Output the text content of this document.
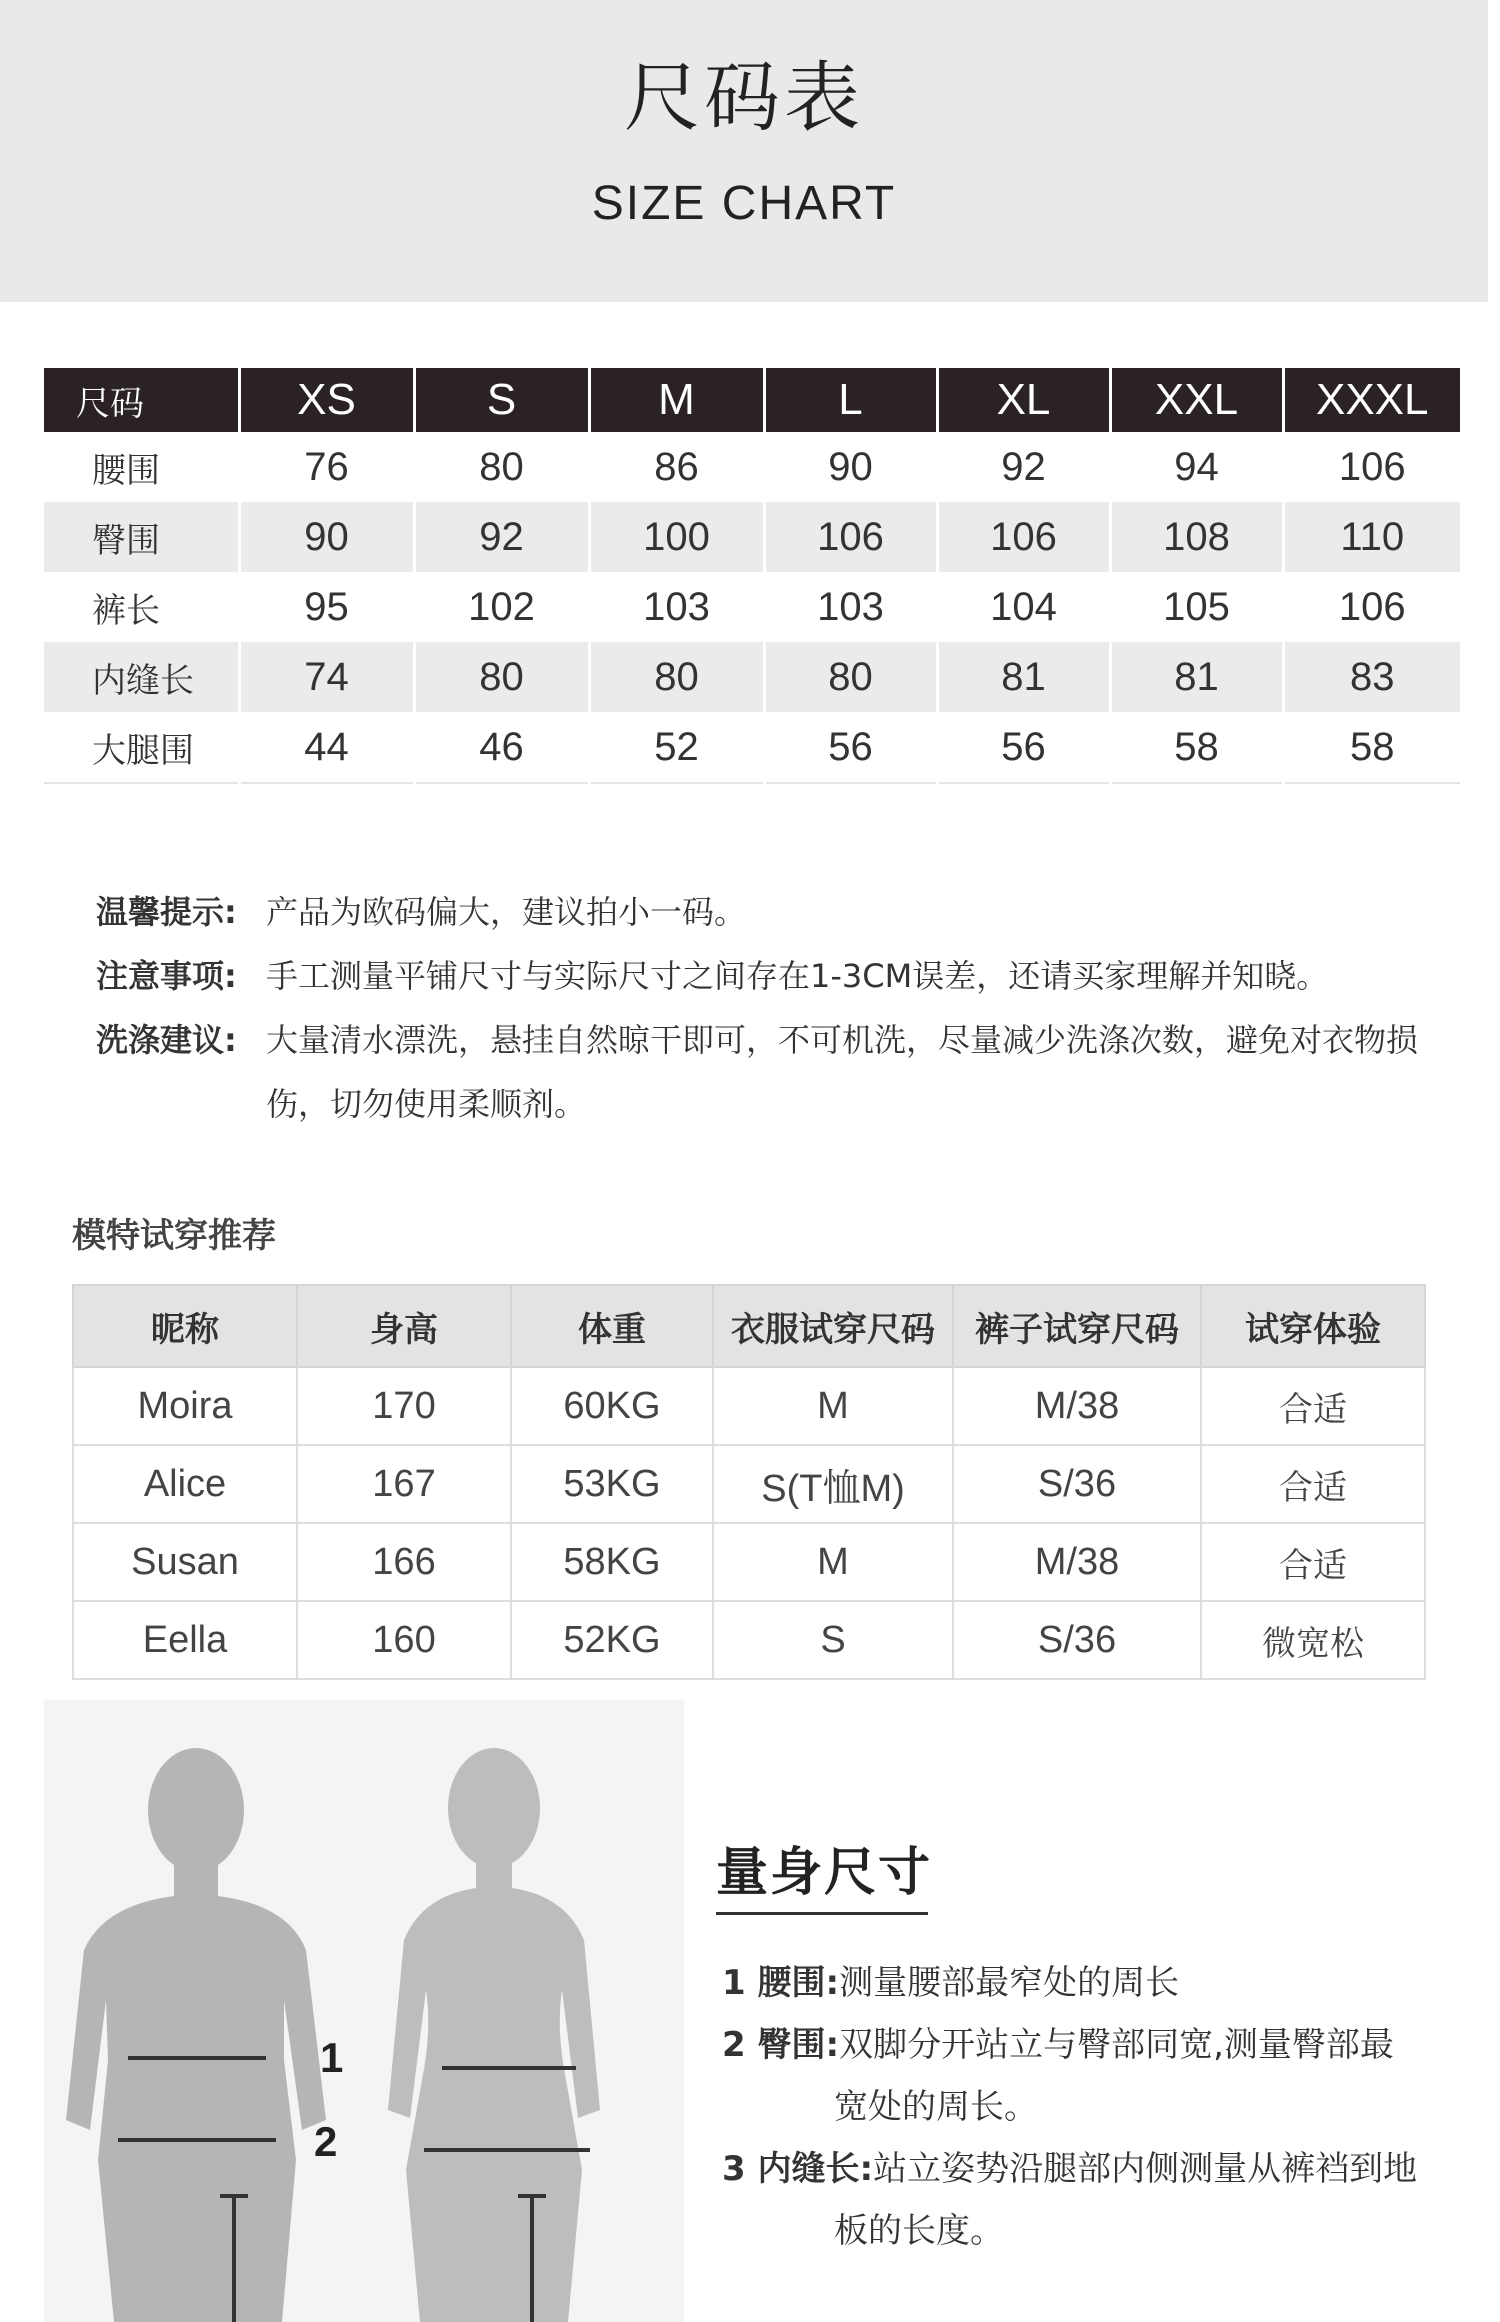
尺码表
SIZE CHART
尺码	XS	S	M	L	XL	XXL	XXXL
腰围	76	80	86	90	92	94	106
臀围	90	92	100	106	106	108	110
裤长	95	102	103	103	104	105	106
内缝长	74	80	80	80	81	81	83
大腿围	44	46	52	56	56	58	58
温馨提示: 产品为欧码偏大，建议拍小一码。
注意事项: 手工测量平铺尺寸与实际尺寸之间存在1-3CM误差，还请买家理解并知晓。
洗涤建议: 大量清水漂洗，悬挂自然晾干即可，不可机洗，尽量减少洗涤次数，避免对衣物损伤，切勿使用柔顺剂。
模特试穿推荐
昵称	身高	体重	衣服试穿尺码	裤子试穿尺码	试穿体验
Moira	170	60KG	M	M/38	合适
Alice	167	53KG	S(T恤M)	S/36	合适
Susan	166	58KG	M	M/38	合适
Eella	160	52KG	S	S/36	微宽松
1
2
量身尺寸
1 腰围: 测量腰部最窄处的周长
2 臀围: 双脚分开站立与臀部同宽,测量臀部最
宽处的周长。
3 内缝长: 站立姿势沿腿部内侧测量从裤裆到地
板的长度。
